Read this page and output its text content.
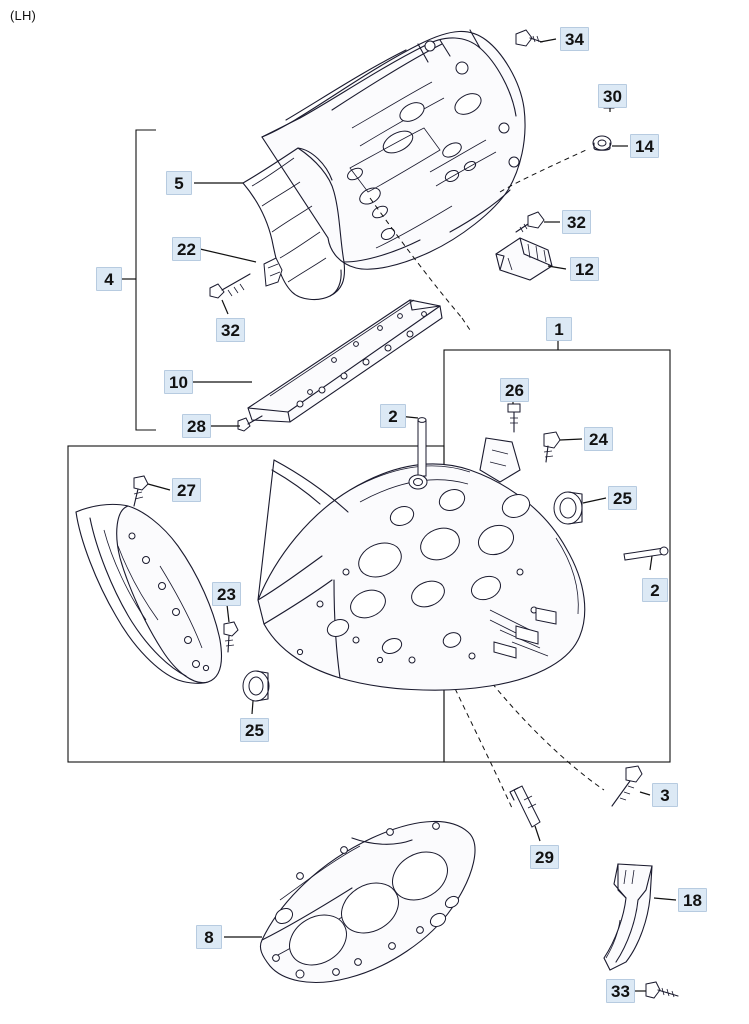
(LH)
34
30
14
5
32
22
12
4
32	1
10	26
2
28
24
25
27
2
23
25
3
29
18
8
33
